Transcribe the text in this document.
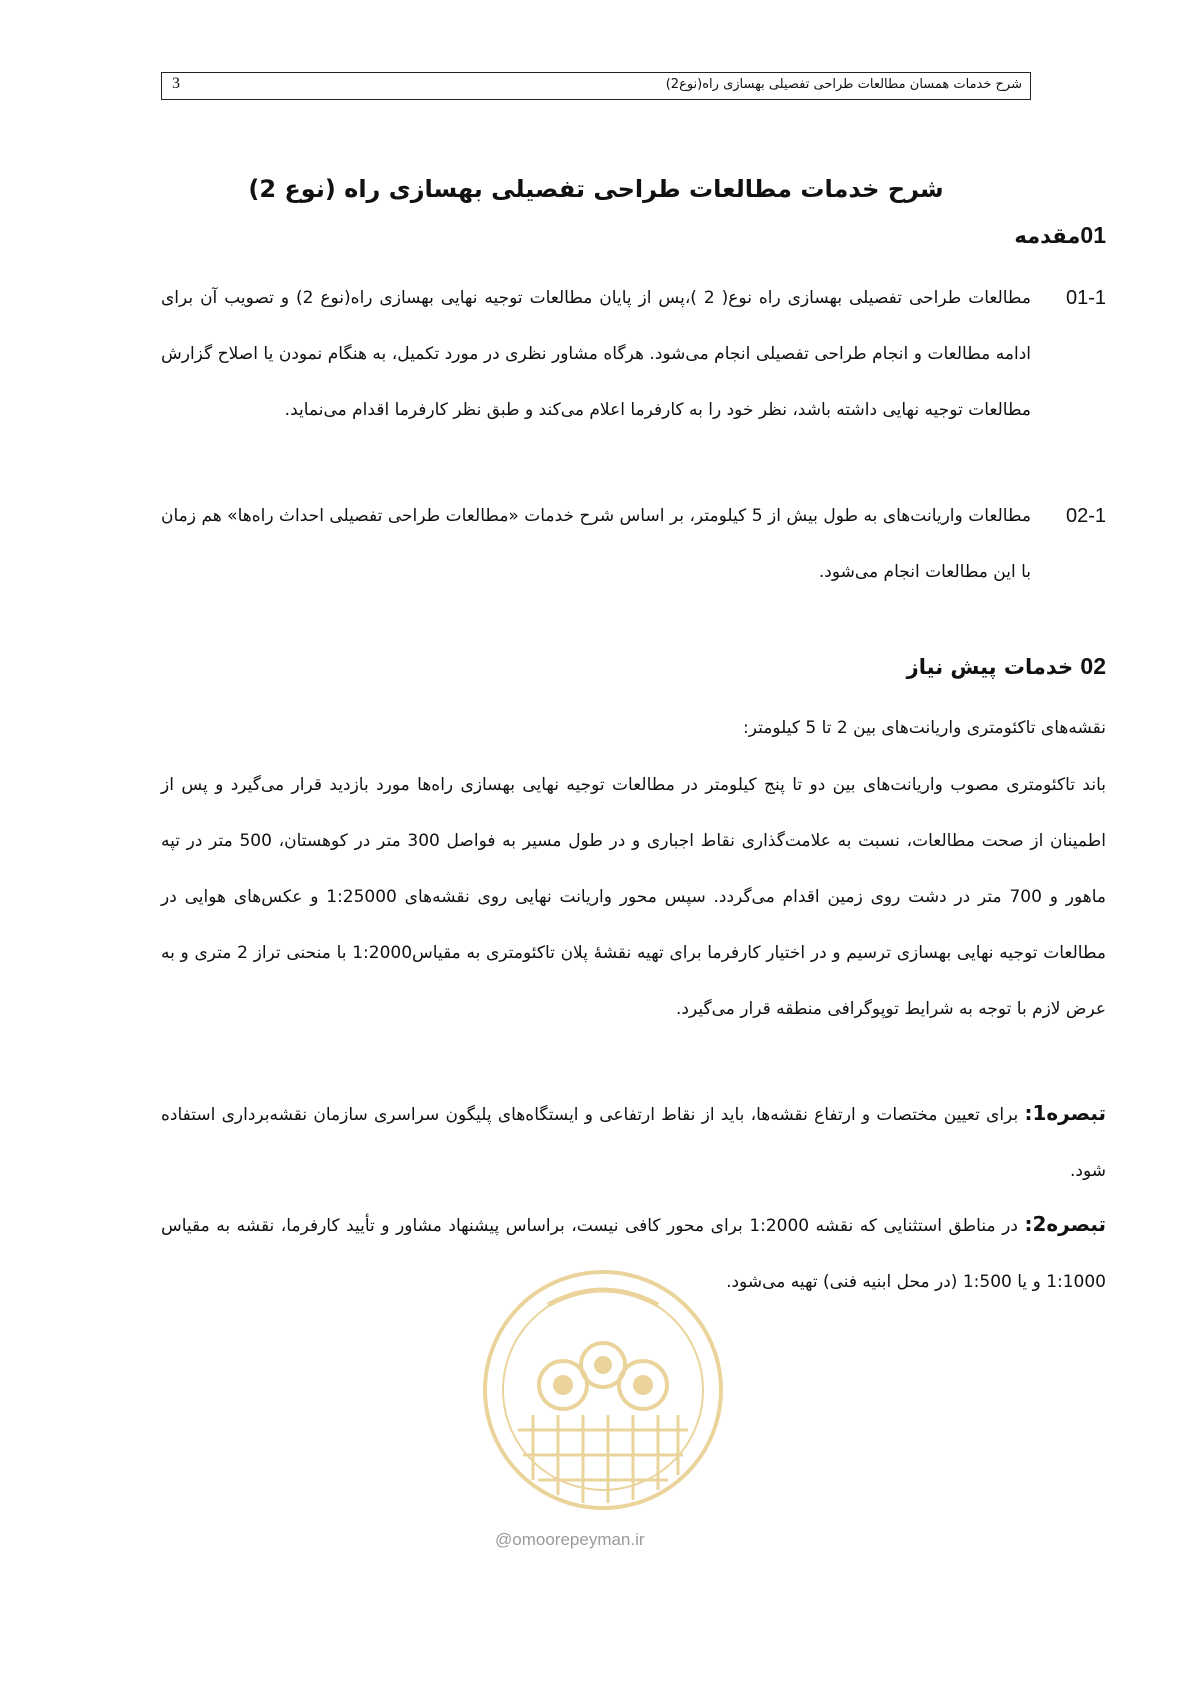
3	شرح خدمات همسان مطالعات طراحی تفصیلی بهسازی راه(نوع2)
شرح خدمات مطالعات طراحی تفصیلی بهسازی راه (نوع 2)
01مقدمه
01-1
مطالعات طراحی تفصیلی بهسازی راه نوع( 2 )،پس از پایان مطالعات توجیه نهایی بهسازی راه(نوع 2) و تصویب آن برای ادامه مطالعات و انجام طراحی تفصیلی انجام می‌شود. هرگاه مشاور نظری در مورد تکمیل، به هنگام نمودن یا اصلاح گزارش مطالعات توجیه نهایی داشته باشد، نظر خود را به کارفرما اعلام می‌کند و طبق نظر کارفرما اقدام می‌نماید.
02-1
مطالعات واریانت‌های به طول بیش از 5 کیلومتر، بر اساس شرح خدمات «مطالعات طراحی تفصیلی احداث راه‌ها» هم زمان با این مطالعات انجام می‌شود.
02 خدمات پیش نیاز
نقشه‌های تاکئومتری واریانت‌های بین 2 تا 5 کیلومتر:
باند تاکئومتری مصوب واریانت‌های بین دو تا پنج کیلومتر در مطالعات توجیه نهایی بهسازی راه‌ها مورد بازدید قرار می‌گیرد و پس از اطمینان از صحت مطالعات، نسبت به علامت‌گذاری نقاط اجباری و در طول مسیر به فواصل 300 متر در کوهستان، 500 متر در تپه ماهور و 700 متر در دشت روی زمین اقدام می‌گردد. سپس محور واریانت نهایی روی نقشه‌های 1:25000 و عکس‌های هوایی در مطالعات توجیه نهایی بهسازی ترسیم و در اختیار کارفرما برای تهیه نقشهٔ پلان تاکئومتری به مقیاس1:2000 با منحنی تراز 2 متری و به عرض لازم با توجه به شرایط توپوگرافی منطقه قرار می‌گیرد.
تبصره1: برای تعیین مختصات و ارتفاع نقشه‌ها، باید از نقاط ارتفاعی و ایستگاه‌های پلیگون سراسری سازمان نقشه‌برداری استفاده شود.
تبصره2: در مناطق استثنایی که نقشه 1:2000 برای محور کافی نیست، براساس پیشنهاد مشاور و تأیید کارفرما، نقشه به مقیاس 1:1000 و یا 1:500 (در محل ابنیه فنی) تهیه می‌شود.
@omoorepeyman.ir
